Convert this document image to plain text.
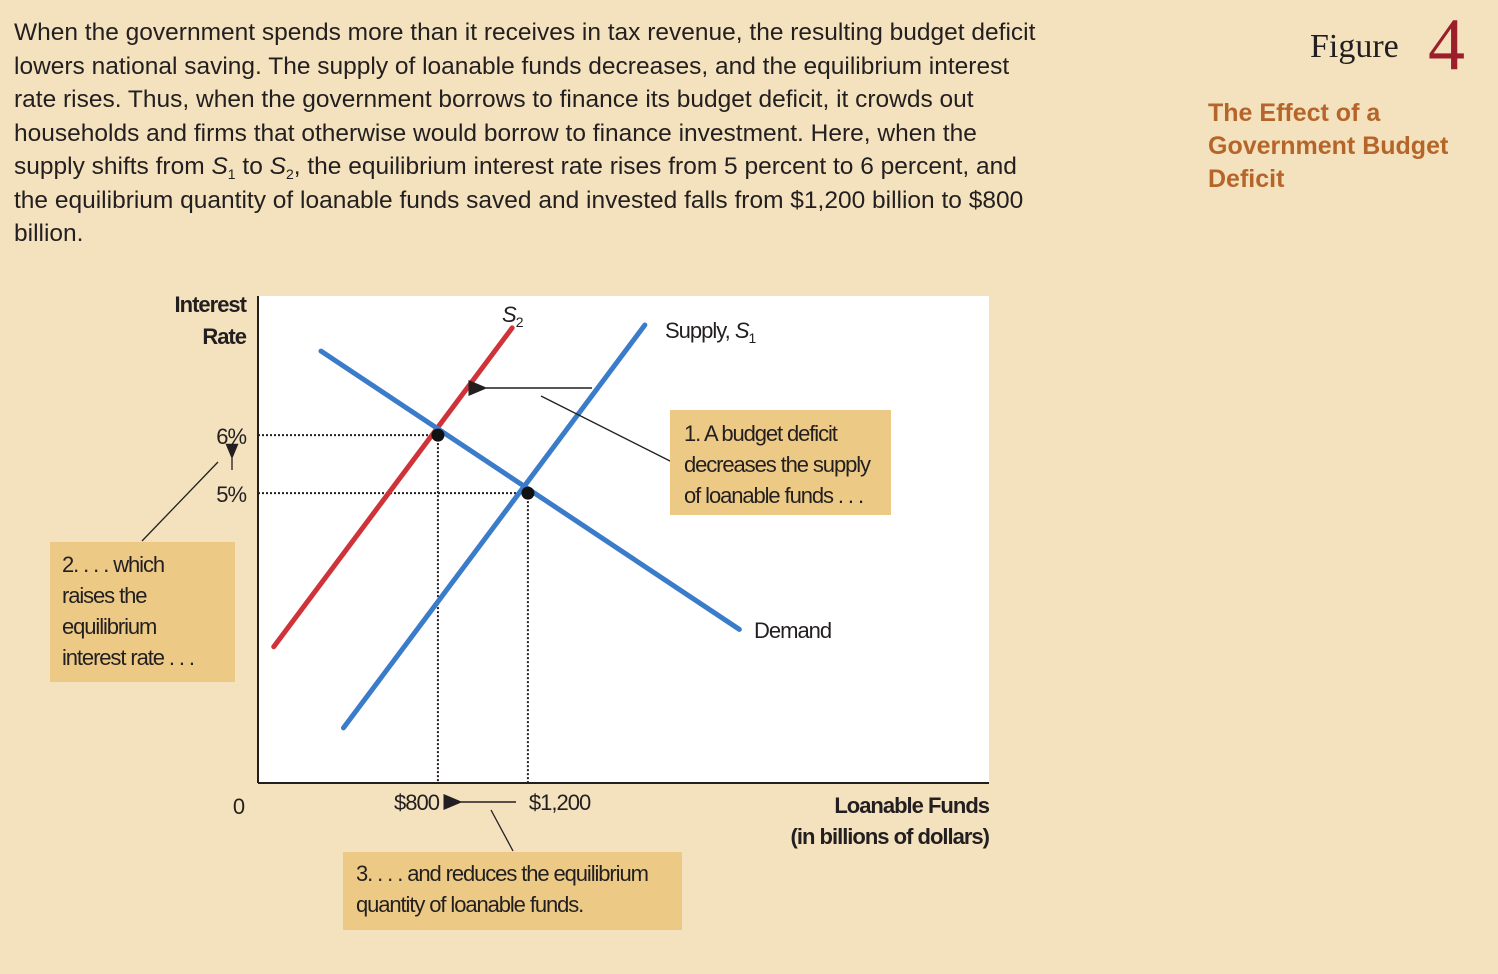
When the government spends more than it receives in tax revenue, the resulting budget deficit lowers national saving. The supply of loanable funds decreases, and the equilibrium interest rate rises. Thus, when the government borrows to finance its budget deficit, it crowds out households and firms that otherwise would borrow to finance investment. Here, when the supply shifts from $S_1$ to $S_2$, the equilibrium interest rate rises from 5 percent to 6 percent, and the equilibrium quantity of loanable funds saved and invested falls from $1,200 billion to $800 billion.

Figure 4
The Effect of a Government Budget Deficit
Interest
Rate
Loanable Funds
(in billions of dollars)
5%
6%
$800	$1,200
0
Supply, $S_1$
$S_2$
Demand
1. A budget deficit
decreases the supply
of loanable funds . . .
2. . . . which
raises the
equilibrium
interest rate . . .
3. . . . and reduces the equilibrium
quantity of loanable funds.
